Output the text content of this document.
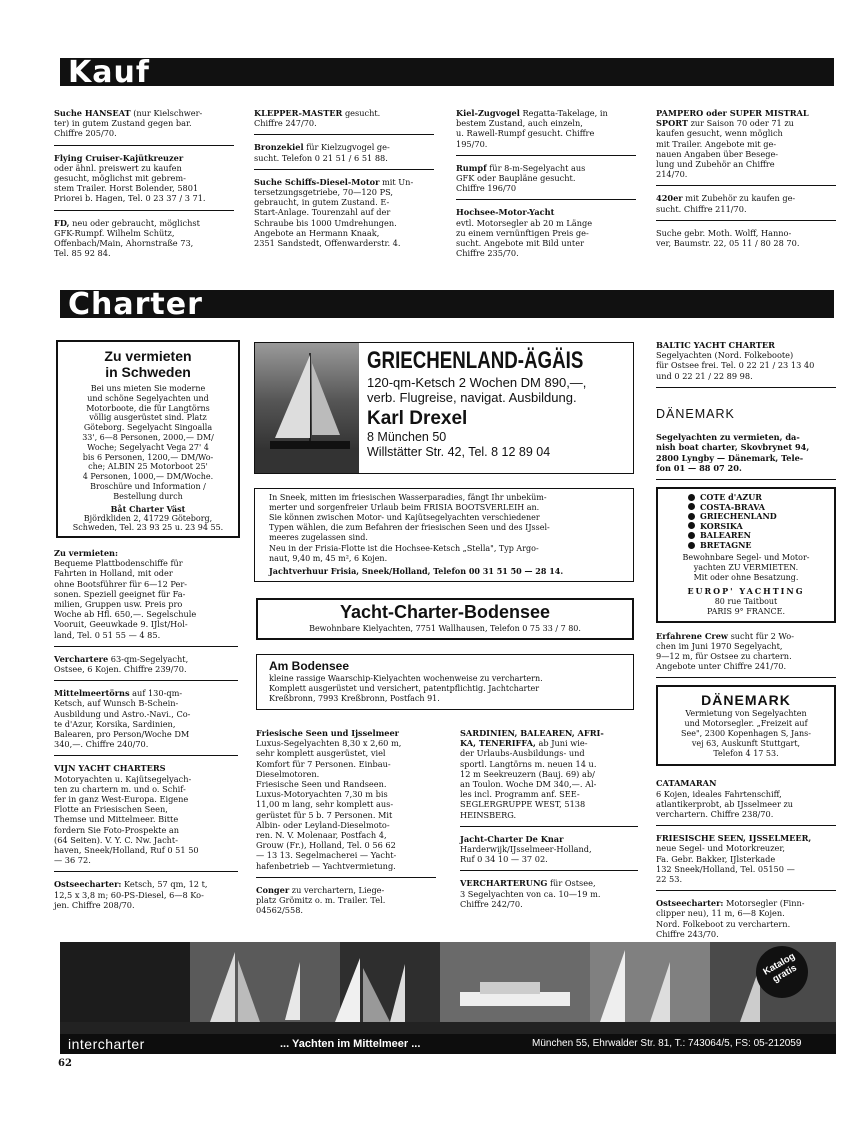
Kauf
Suche HANSEAT (nur Kielschwer-
ter) in gutem Zustand gegen bar.
Chiffre 205/70.
Flying Cruiser-Kajütkreuzer
oder ähnl. preiswert zu kaufen
gesucht, möglichst mit gebrem-
stem Trailer. Horst Bolender, 5801
Priorei b. Hagen, Tel. 0 23 37 / 3 71.
FD, neu oder gebraucht, möglichst
GFK-Rumpf. Wilhelm Schütz,
Offenbach/Main, Ahornstraße 73,
Tel. 85 92 84.
KLEPPER-MASTER gesucht.
Chiffre 247/70.
Bronzekiel für Kielzugvogel ge-
sucht. Telefon 0 21 51 / 6 51 88.
Suche Schiffs-Diesel-Motor mit Un-
tersetzungsgetriebe, 70—120 PS,
gebraucht, in gutem Zustand. E-
Start-Anlage. Tourenzahl auf der
Schraube bis 1000 Umdrehungen.
Angebote an Hermann Knaak,
2351 Sandstedt, Offenwarderstr. 4.
Kiel-Zugvogel Regatta-Takelage, in
bestem Zustand, auch einzeln,
u. Rawell-Rumpf gesucht. Chiffre
195/70.
Rumpf für 8-m-Segelyacht aus
GFK oder Baupläne gesucht.
Chiffre 196/70
Hochsee-Motor-Yacht
evtl. Motorsegler ab 20 m Länge
zu einem vernünftigen Preis ge-
sucht. Angebote mit Bild unter
Chiffre 235/70.
PAMPERO oder SUPER MISTRAL
SPORT zur Saison 70 oder 71 zu
kaufen gesucht, wenn möglich
mit Trailer. Angebote mit ge-
nauen Angaben über Besege-
lung und Zubehör an Chiffre
214/70.
420er mit Zubehör zu kaufen ge-
sucht. Chiffre 211/70.
Suche gebr. Moth. Wolff, Hanno-
ver, Baumstr. 22, 05 11 / 80 28 70.
Charter
Zu vermieten
in Schweden
Bei uns mieten Sie moderne
und schöne Segelyachten und
Motorboote, die für Langtörns
völlig ausgerüstet sind. Platz
Göteborg. Segelyacht Singoalla
33', 6—8 Personen, 2000,— DM/
Woche; Segelyacht Vega 27' 4
bis 6 Personen, 1200,— DM/Wo-
che; ALBIN 25 Motorboot 25'
4 Personen, 1000,— DM/Woche.
Broschüre und Information /
Bestellung durch
Båt Charter Väst
Björdkliden 2, 41729 Göteborg,
Schweden, Tel. 23 93 25 u. 23 94 55.
Zu vermieten:
Bequeme Plattbodenschiffe für
Fahrten in Holland, mit oder
ohne Bootsführer für 6—12 Per-
sonen. Speziell geeignet für Fa-
milien, Gruppen usw. Preis pro
Woche ab Hfl. 650,—. Segelschule
Vooruit, Geeuwkade 9. IJlst/Hol-
land, Tel. 0 51 55 — 4 85.
Verchartere 63-qm-Segelyacht,
Ostsee, 6 Kojen. Chiffre 239/70.
Mittelmeertörns auf 130-qm-
Ketsch, auf Wunsch B-Schein-
Ausbildung und Astro.-Navi., Co-
te d'Azur, Korsika, Sardinien,
Balearen, pro Person/Woche DM
340,—. Chiffre 240/70.
VIJN YACHT CHARTERS
Motoryachten u. Kajütsegelyach-
ten zu chartern m. und o. Schif-
fer in ganz West-Europa. Eigene
Flotte an Friesischen Seen,
Themse und Mittelmeer. Bitte
fordern Sie Foto-Prospekte an
(64 Seiten). V. Y. C. Nw. Jacht-
haven, Sneek/Holland, Ruf 0 51 50
— 36 72.
Ostseecharter: Ketsch, 57 qm, 12 t,
12,5 x 3,8 m; 60-PS-Diesel, 6—8 Ko-
jen. Chiffre 208/70.
GRIECHENLAND-ÄGÄIS
120-qm-Ketsch 2 Wochen DM 890,—,
verb. Flugreise, navigat. Ausbildung.
Karl Drexel
8 München 50
Willstätter Str. 42, Tel. 8 12 89 04
In Sneek, mitten im friesischen Wasserparadies, fängt Ihr unbeküm-
merter und sorgenfreier Urlaub beim FRISIA BOOTSVERLEIH an.
Sie können zwischen Motor- und Kajütsegelyachten verschiedener
Typen wählen, die zum Befahren der friesischen Seen und des IJssel-
meeres zugelassen sind.
Neu in der Frisia-Flotte ist die Hochsee-Ketsch „Stella", Typ Argo-
naut, 9,40 m, 45 m², 6 Kojen.
Jachtverhuur Frisia, Sneek/Holland, Telefon 00 31 51 50 — 28 14.
Yacht-Charter-Bodensee
Bewohnbare Kielyachten, 7751 Wallhausen, Telefon 0 75 33 / 7 80.
Am Bodensee
kleine rassige Waarschip-Kielyachten wochenweise zu verchartern.
Komplett ausgerüstet und versichert, patentpflichtig. Jachtcharter
Kreßbronn, 7993 Kreßbronn, Postfach 91.
Friesische Seen und Ijsselmeer
Luxus-Segelyachten 8,30 x 2,60 m,
sehr komplett ausgerüstet, viel
Komfort für 7 Personen. Einbau-
Dieselmotoren.
Friesische Seen und Randseen.
Luxus-Motoryachten 7,30 m bis
11,00 m lang, sehr komplett aus-
gerüstet für 5 b. 7 Personen. Mit
Albin- oder Leyland-Dieselmoto-
ren. N. V. Molenaar, Postfach 4,
Grouw (Fr.), Holland, Tel. 0 56 62
— 13 13. Segelmacherei — Yacht-
hafenbetrieb — Yachtvermietung.
Conger zu verchartern, Liege-
platz Grömitz o. m. Trailer. Tel.
04562/558.
SARDINIEN, BALEAREN, AFRI-
KA, TENERIFFA, ab Juni wie-
der Urlaubs-Ausbildungs- und
sportl. Langtörns m. neuen 14 u.
12 m Seekreuzern (Bauj. 69) ab/
an Toulon. Woche DM 340,—. Al-
les incl. Programm anf. SEE-
SEGLERGRUPPE WEST, 5138
HEINSBERG.
Jacht-Charter De Knar
Harderwijk/IJsselmeer-Holland,
Ruf 0 34 10 — 37 02.
VERCHARTERUNG für Ostsee,
3 Segelyachten von ca. 10—19 m.
Chiffre 242/70.
BALTIC YACHT CHARTER
Segelyachten (Nord. Folkeboote)
für Ostsee frei. Tel. 0 22 21 / 23 13 40
und 0 22 21 / 22 89 98.

DÄNEMARK

Segelyachten zu vermieten, da-
nish boat charter, Skovbrynet 94,
2800 Lyngby — Dänemark, Tele-
fon 01 — 88 07 20.

COTE d'AZUR
COSTA-BRAVA
GRIECHENLAND
KORSIKA
BALEAREN
BRETAGNE
Bewohnbare Segel- und Motor-
yachten ZU VERMIETEN.
Mit oder ohne Besatzung.
EUROP' YACHTING
80 rue Taitbout
PARIS 9° FRANCE.
Erfahrene Crew sucht für 2 Wo-
chen im Juni 1970 Segelyacht,
9—12 m, für Ostsee zu chartern.
Angebote unter Chiffre 241/70.
DÄNEMARK
Vermietung von Segelyachten
und Motorsegler. „Freizeit auf
See", 2300 Kopenhagen S, Jans-
vej 63, Auskunft Stuttgart,
Telefon 4 17 53.
CATAMARAN
6 Kojen, ideales Fahrtenschiff,
atlantikerprobt, ab IJsselmeer zu
verchartern. Chiffre 238/70.
FRIESISCHE SEEN, IJSSELMEER,
neue Segel- und Motorkreuzer,
Fa. Gebr. Bakker, IJlsterkade
132 Sneek/Holland, Tel. 05150 —
22 53.
Ostseecharter: Motorsegler (Finn-
clipper neu), 11 m, 6—8 Kojen.
Nord. Folkeboot zu verchartern.
Chiffre 243/70.
Katalog
gratis
intercharter	... Yachten im Mittelmeer ...	München 55, Ehrwalder Str. 81, T.: 743064/5, FS: 05-212059
62
